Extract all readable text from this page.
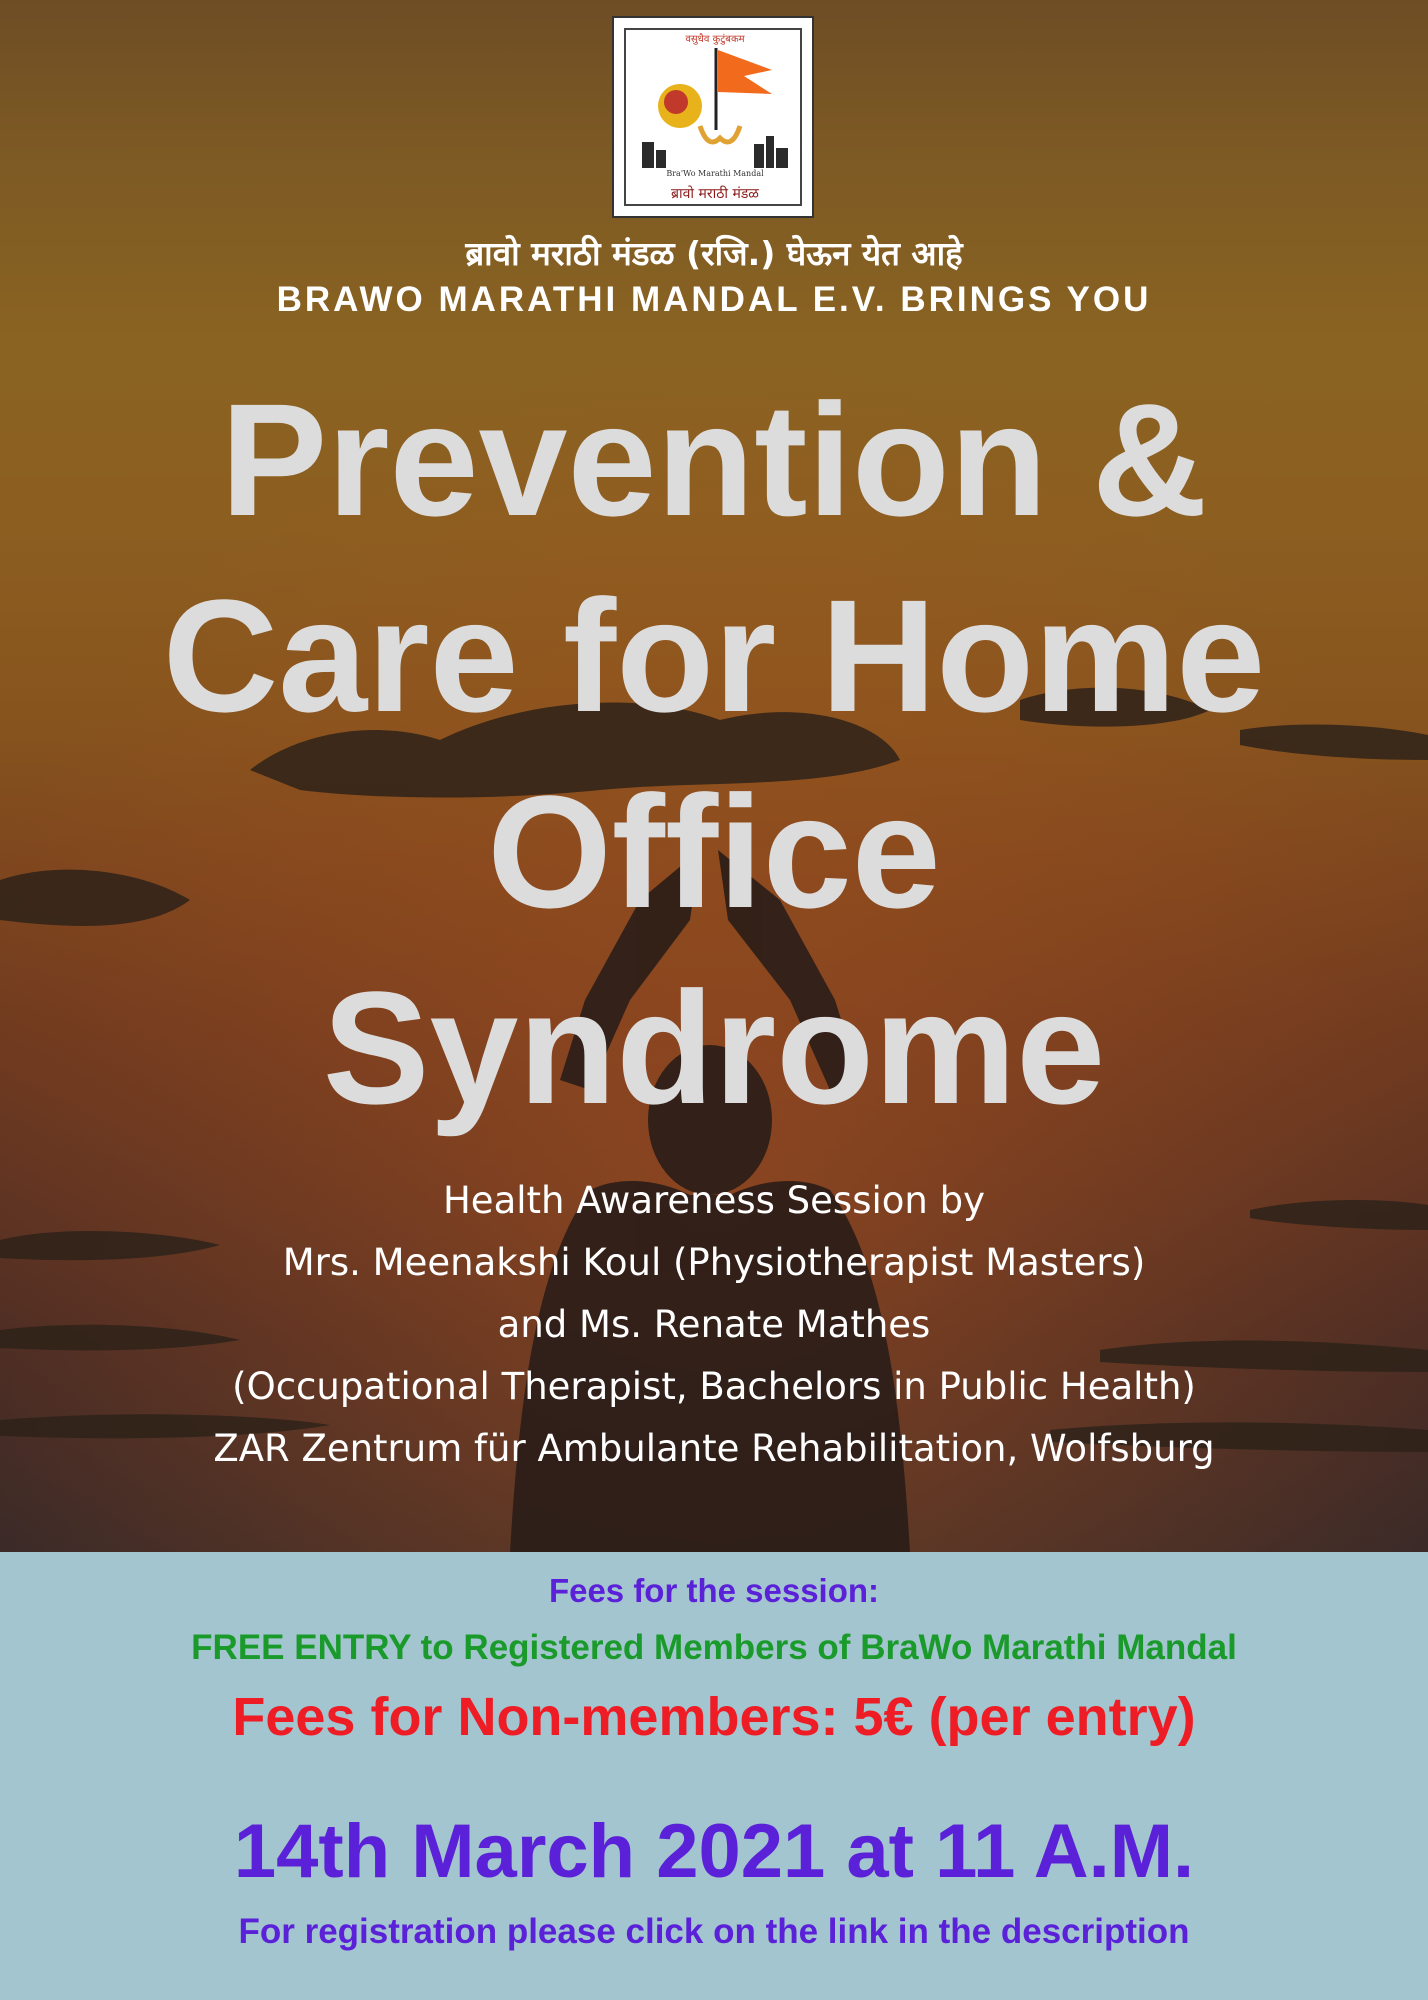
वसुधैव कुटुंबकम
Bra'Wo Marathi Mandal
ब्रावो मराठी मंडळ
ब्रावो मराठी मंडळ (रजि.) घेऊन येत आहे
BRAWO MARATHI MANDAL E.V. BRINGS YOU
Prevention &
Care for Home
Office
Syndrome
Health Awareness Session by
Mrs. Meenakshi Koul (Physiotherapist Masters)
and Ms. Renate Mathes
(Occupational Therapist, Bachelors in Public Health)
ZAR Zentrum für Ambulante Rehabilitation, Wolfsburg
Fees for the session:
FREE ENTRY to Registered Members of BraWo Marathi Mandal
Fees for Non-members: 5€ (per entry)
14th March 2021 at 11 A.M.
For registration please click on the link in the description
